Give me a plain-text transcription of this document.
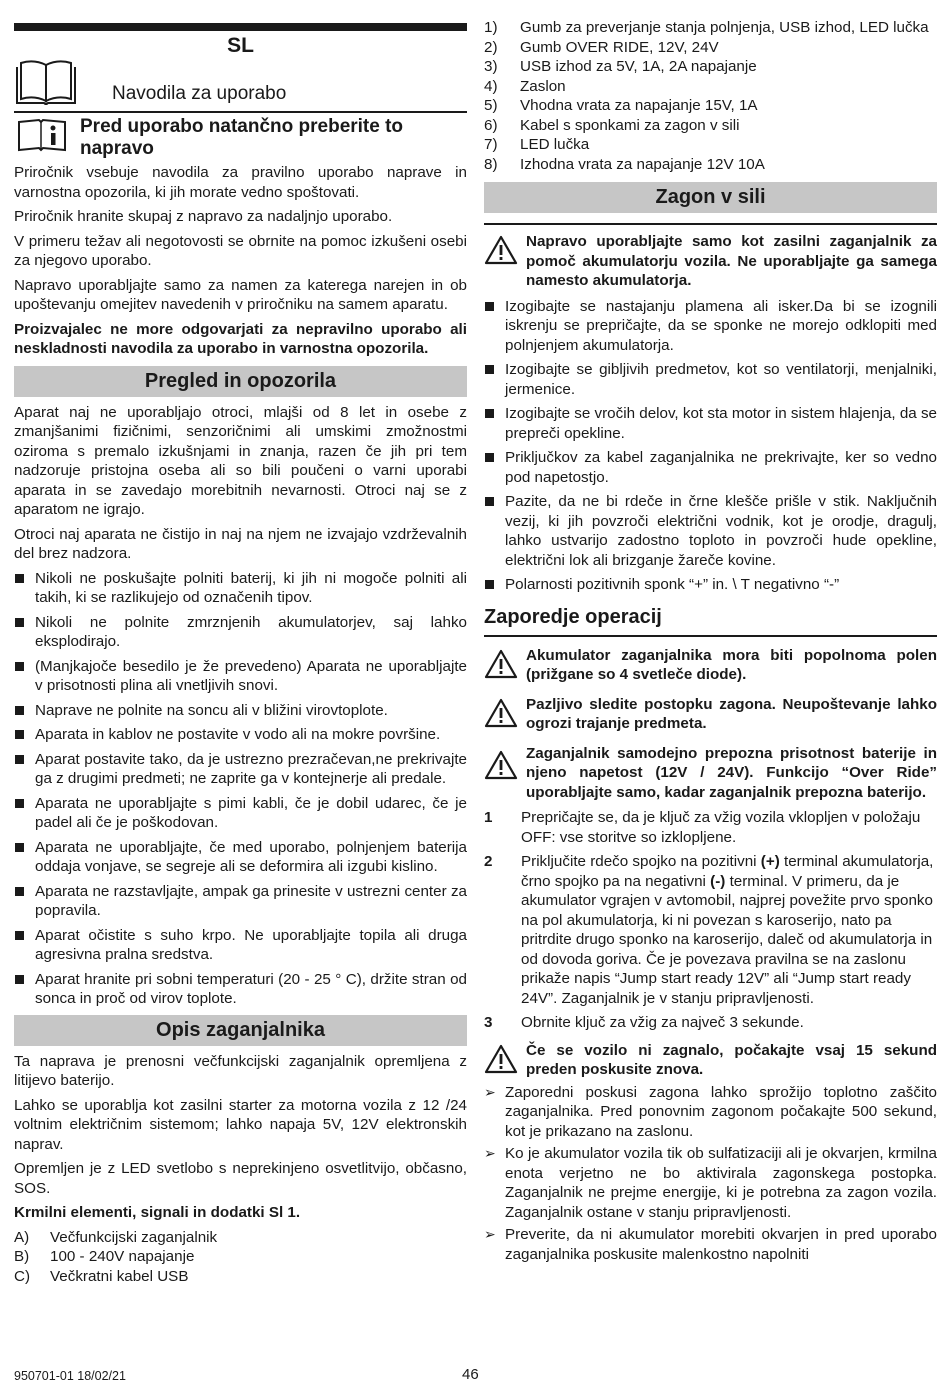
SL
Navodila za uporabo
Pred uporabo natančno preberite to napravo

Priročnik vsebuje navodila za pravilno uporabo naprave in varnostna opozorila, ki jih morate vedno spoštovati.

Priročnik hranite skupaj z napravo za nadaljnjo uporabo.

V primeru težav ali negotovosti se obrnite na pomoc izkušeni osebi za njegovo uporabo.

Napravo uporabljajte samo za namen za katerega narejen in ob upoštevanju omejitev navedenih v priročniku na samem aparatu.

Proizvajalec ne more odgovarjati za nepravilno uporabo ali neskladnosti navodila za uporabo in varnostna opozorila.

Pregled in opozorila

Aparat naj ne uporabljajo otroci, mlajši od 8 let in osebe z zmanjšanimi fizičnimi, senzoričnimi ali umskimi zmožnostmi oziroma s premalo izkušnjami in znanja, razen če jih pri tem nadzoruje pristojna oseba ali so bili poučeni o varni uporabi aparata in se zavedajo morebitnih nevarnosti. Otroci naj se z aparatom ne igrajo.

Otroci naj aparata ne čistijo in naj na njem ne izvajajo vzdrževalnih del brez nadzora.

Nikoli ne poskušajte polniti baterij, ki jih ni mogoče polniti ali takih, ki se razlikujejo od označenih tipov.
Nikoli ne polnite zmrznjenih akumulatorjev, saj lahko eksplodirajo.
(Manjkajoče besedilo je že prevedeno) Aparata ne uporabljajte v prisotnosti plina ali vnetljivih snovi.
Naprave ne polnite na soncu ali v bližini virovtoplote.
Aparata in kablov ne postavite v vodo ali na mokre površine.
Aparat postavite tako, da je ustrezno prezračevan,ne prekrivajte ga z drugimi predmeti; ne zaprite ga v kontejnerje ali predale.
Aparata ne uporabljajte s pimi kabli, če je dobil udarec, če je padel ali če je poškodovan.
Aparata ne uporabljajte, če med uporabo, polnjenjem baterija oddaja vonjave, se segreje ali se deformira ali izgubi kislino.
Aparata ne razstavljajte, ampak ga prinesite v ustrezni center za popravila.
Aparat očistite s suho krpo. Ne uporabljajte topila ali druga agresivna pralna sredstva.
Aparat hranite pri sobni temperaturi (20 - 25 ° C), držite stran od sonca in proč od virov toplote.
Opis zaganjalnika

Ta naprava je prenosni večfunkcijski zaganjalnik opremljena z litijevo baterijo.

Lahko se uporablja kot zasilni starter za motorna vozila z 12 /24 voltnim električnim sistemom; lahko napaja 5V, 12V elektronskih naprav.

Opremljen je z LED svetlobo s neprekinjeno osvetlitvijo, občasno, SOS.

Krmilni elementi, signali in dodatki Sl 1.

A)	Večfunkcijski zaganjalnik
B)	100 - 240V napajanje
C)	Večkratni kabel USB
1)	Gumb za preverjanje stanja polnjenja, USB izhod, LED lučka
2)	Gumb OVER RIDE, 12V, 24V
3)	USB izhod za 5V, 1A, 2A napajanje
4)	Zaslon
5)	Vhodna vrata za napajanje 15V, 1A
6)	Kabel s sponkami za zagon v sili
7)	LED lučka
8)	Izhodna vrata za napajanje 12V 10A
Zagon v sili
Napravo uporabljajte samo kot zasilni zaganjalnik za pomoč akumulatorju vozila. Ne uporabljajte ga samega namesto akumulatorja.
Izogibajte se nastajanju plamena ali isker.Da bi se izognili iskrenju se prepričajte, da se sponke ne morejo odklopiti med polnjenjem akumulatorja.
Izogibajte se gibljivih predmetov, kot so ventilatorji, menjalniki, jermenice.
Izogibajte se vročih delov, kot sta motor in sistem hlajenja, da se prepreči opekline.
Priključkov za kabel zaganjalnika ne prekrivajte, ker so vedno pod napetostjo.
Pazite, da ne bi rdeče in črne klešče prišle v stik. Naključnih vezij, ki jih povzroči električni vodnik, kot je orodje, dragulj, lahko ustvarijo zadostno toploto in povzroči hude opekline, električni lok ali brizganje žareče kovine.
Polarnosti pozitivnih sponk “+” in. \ T negativno “-”
Zaporedje operacij
Akumulator zaganjalnika mora biti popolnoma polen (prižgane so 4 svetleče diode).
Pazljivo sledite postopku zagona. Neupoštevanje lahko ogrozi trajanje predmeta.
Zaganjalnik samodejno prepozna prisotnost baterije in njeno napetost (12V / 24V). Funkcijo “Over Ride” uporabljajte samo, kadar zaganjalnik prepozna baterijo.
1	Prepričajte se, da je ključ za vžig vozila vklopljen v položaju OFF: vse storitve so izklopljene.
2	Priključite rdečo spojko na pozitivni (+) terminal akumulatorja, črno spojko pa na negativni (-) terminal. V primeru, da je akumulator vgrajen v avtomobil, najprej povežite prvo sponko na pol akumulatorja, ki ni povezan s karoserijo, nato pa pritrdite drugo sponko na karoserijo, daleč od akumulatorja in od dovoda goriva. Če je povezava pravilna se na zaslonu prikaže napis “Jump start ready 12V” ali “Jump start ready 24V”. Zaganjalnik je v stanju pripravljenosti.
3	Obrnite ključ za vžig za največ 3 sekunde.
Če se vozilo ni zagnalo, počakajte vsaj 15 sekund preden poskusite znova.
➢ Zaporedni poskusi zagona lahko sprožijo toplotno zaščito zaganjalnika. Pred ponovnim zagonom počakajte 500 sekund, kot je prikazano na zaslonu.
➢ Ko je akumulator vozila tik ob sulfatizaciji ali je okvarjen, krmilna enota verjetno ne bo aktivirala zagonskega postopka. Zaganjalnik ne prejme energije, ki je potrebna za zagon vozila. Zaganjalnik ostane v stanju pripravljenosti.
➢ Preverite, da ni akumulator morebiti okvarjen in pred uporabo zaganjalnika poskusite malenkostno napolniti
950701-01 18/02/21	46
